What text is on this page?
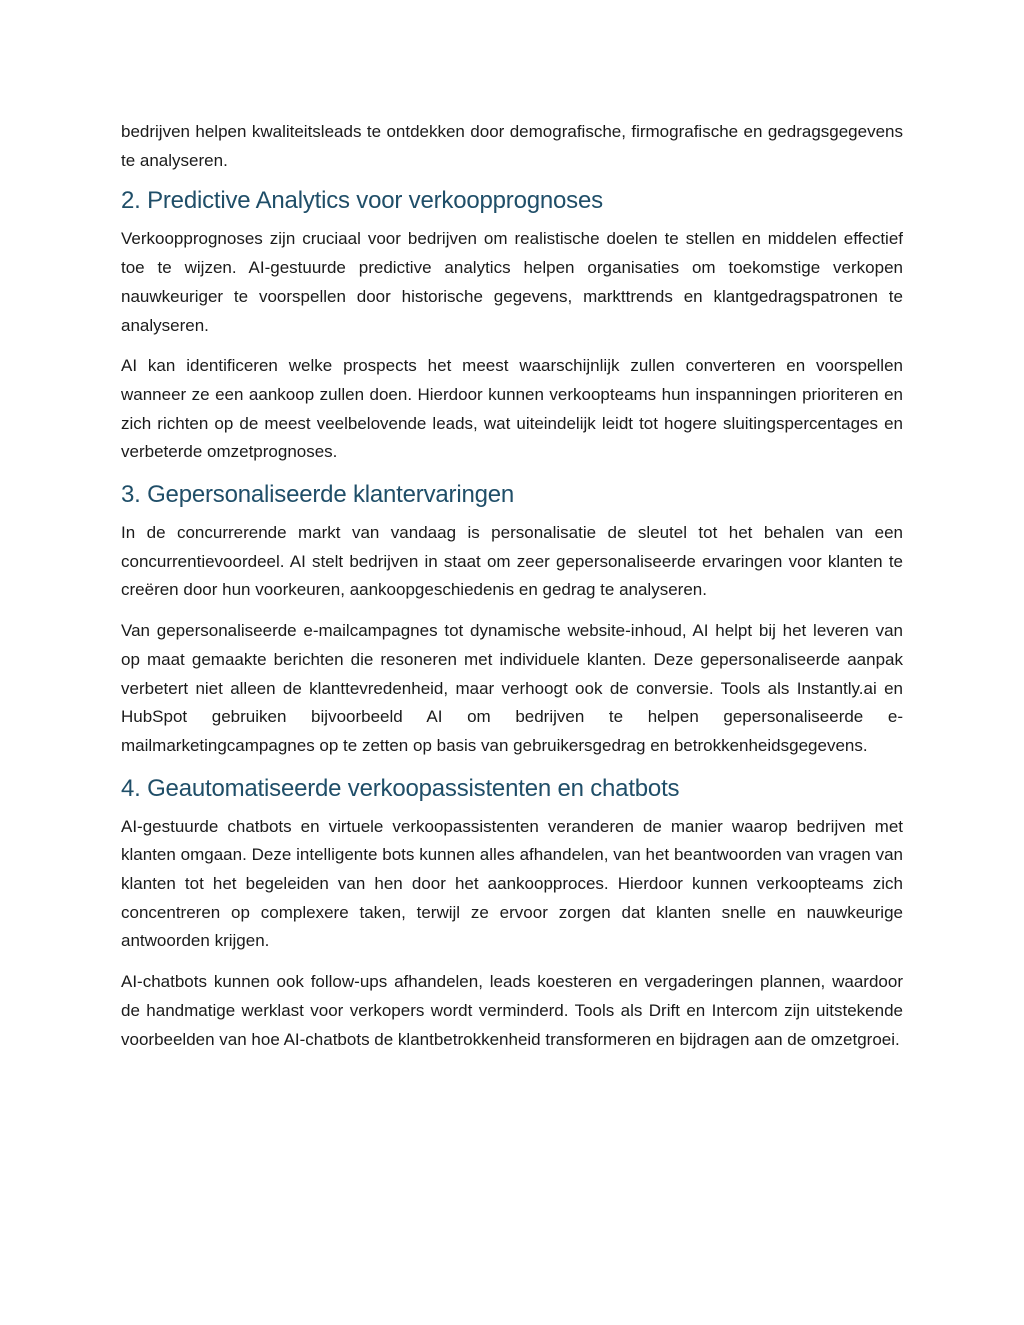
bedrijven helpen kwaliteitsleads te ontdekken door demografische, firmografische en gedragsgegevens te analyseren.

2. Predictive Analytics voor verkoopprognoses

Verkoopprognoses zijn cruciaal voor bedrijven om realistische doelen te stellen en middelen effectief toe te wijzen. AI-gestuurde predictive analytics helpen organisaties om toekomstige verkopen nauwkeuriger te voorspellen door historische gegevens, markttrends en klantgedragspatronen te analyseren.

AI kan identificeren welke prospects het meest waarschijnlijk zullen converteren en voorspellen wanneer ze een aankoop zullen doen. Hierdoor kunnen verkoopteams hun inspanningen prioriteren en zich richten op de meest veelbelovende leads, wat uiteindelijk leidt tot hogere sluitingspercentages en verbeterde omzetprognoses.

3. Gepersonaliseerde klantervaringen

In de concurrerende markt van vandaag is personalisatie de sleutel tot het behalen van een concurrentievoordeel. AI stelt bedrijven in staat om zeer gepersonaliseerde ervaringen voor klanten te creëren door hun voorkeuren, aankoopgeschiedenis en gedrag te analyseren.

Van gepersonaliseerde e-mailcampagnes tot dynamische website-inhoud, AI helpt bij het leveren van op maat gemaakte berichten die resoneren met individuele klanten. Deze gepersonaliseerde aanpak verbetert niet alleen de klanttevredenheid, maar verhoogt ook de conversie. Tools als Instantly.ai en HubSpot gebruiken bijvoorbeeld AI om bedrijven te helpen gepersonaliseerde e-mailmarketingcampagnes op te zetten op basis van gebruikersgedrag en betrokkenheidsgegevens.

4. Geautomatiseerde verkoopassistenten en chatbots

AI-gestuurde chatbots en virtuele verkoopassistenten veranderen de manier waarop bedrijven met klanten omgaan. Deze intelligente bots kunnen alles afhandelen, van het beantwoorden van vragen van klanten tot het begeleiden van hen door het aankoopproces. Hierdoor kunnen verkoopteams zich concentreren op complexere taken, terwijl ze ervoor zorgen dat klanten snelle en nauwkeurige antwoorden krijgen.

AI-chatbots kunnen ook follow-ups afhandelen, leads koesteren en vergaderingen plannen, waardoor de handmatige werklast voor verkopers wordt verminderd. Tools als Drift en Intercom zijn uitstekende voorbeelden van hoe AI-chatbots de klantbetrokkenheid transformeren en bijdragen aan de omzetgroei.
